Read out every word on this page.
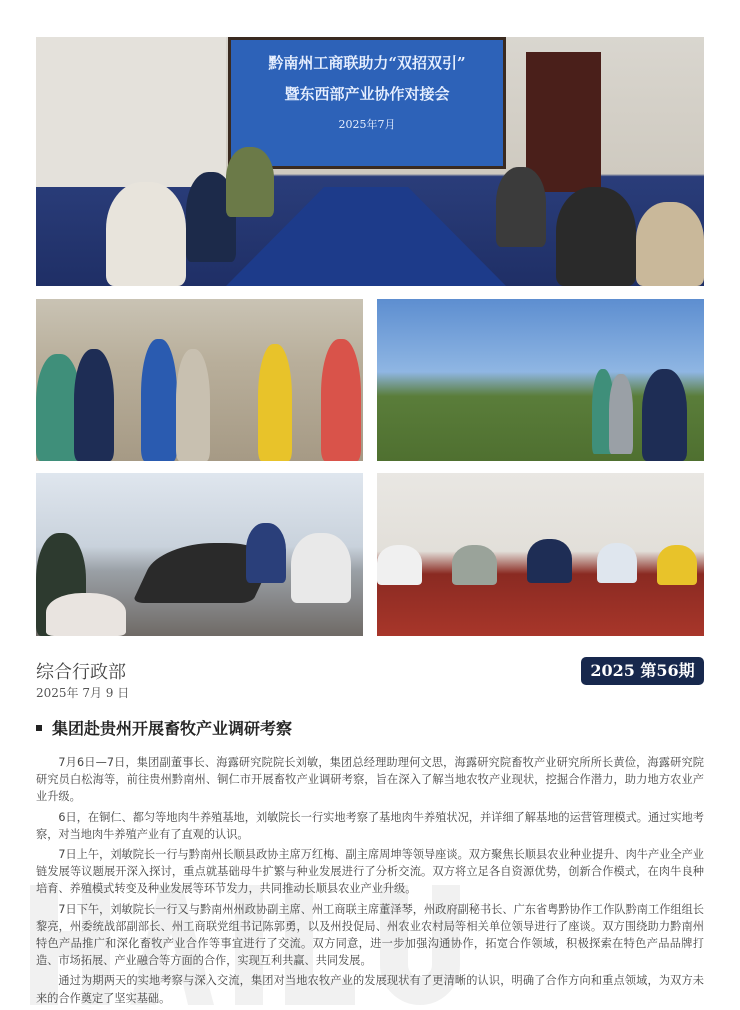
黔南州工商联助力“双招双引”
暨东西部产业协作对接会
2025年7月
综合行政部
2025年 7月 9 日
2025 第56期
集团赴贵州开展畜牧产业调研考察

7月6日—7日，集团副董事长、海露研究院院长刘敏，集团总经理助理何文思，海露研究院畜牧产业研究所所长黄俭，海露研究院研究员白松海等，前往贵州黔南州、铜仁市开展畜牧产业调研考察，旨在深入了解当地农牧产业现状，挖掘合作潜力，助力地方农业产业升级。

6日，在铜仁、都匀等地肉牛养殖基地，刘敏院长一行实地考察了基地肉牛养殖状况，并详细了解基地的运营管理模式。通过实地考察，对当地肉牛养殖产业有了直观的认识。

7日上午，刘敏院长一行与黔南州长顺县政协主席万红梅、副主席周坤等领导座谈。双方聚焦长顺县农业种业提升、肉牛产业全产业链发展等议题展开深入探讨，重点就基础母牛扩繁与种业发展进行了分析交流。双方将立足各自资源优势，创新合作模式，在肉牛良种培育、养殖模式转变及种业发展等环节发力，共同推动长顺县农业产业升级。

7日下午，刘敏院长一行又与黔南州州政协副主席、州工商联主席董泽琴，州政府副秘书长、广东省粤黔协作工作队黔南工作组组长黎亮，州委统战部副部长、州工商联党组书记陈郭勇，以及州投促局、州农业农村局等相关单位领导进行了座谈。双方围绕助力黔南州特色产品推广和深化畜牧产业合作等事宜进行了交流。双方同意，进一步加强沟通协作，拓宽合作领域，积极探索在特色产品品牌打造、市场拓展、产业融合等方面的合作，实现互利共赢、共同发展。

通过为期两天的实地考察与深入交流，集团对当地农牧产业的发展现状有了更清晰的认识，明确了合作方向和重点领域，为双方未来的合作奠定了坚实基础。
